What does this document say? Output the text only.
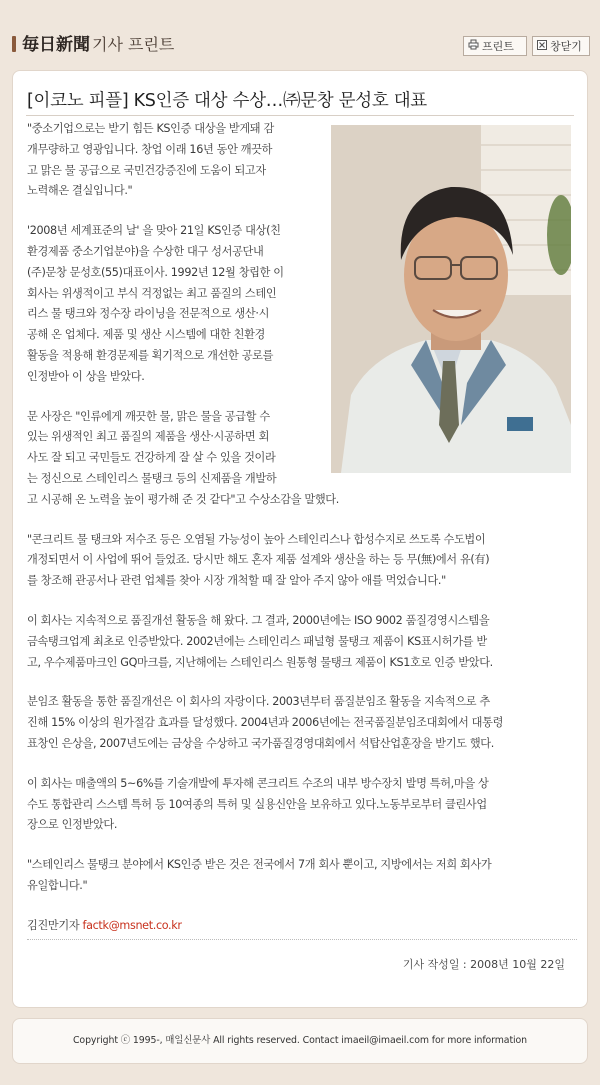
毎日新聞 기사 프린트	프린트	창닫기
[이코노 피플] KS인증 대상 수상…㈜문창 문성호 대표

"중소기업으로는 받기 힘든 KS인증 대상을 받게돼 감
개무량하고 영광입니다. 창업 이래 16년 동안 깨끗하
고 맑은 물 공급으로 국민건강증진에 도움이 되고자
노력해온 결실입니다."

'2008년 세계표준의 날' 을 맞아 21일 KS인증 대상(친
환경제품 중소기업분야)을 수상한 대구 성서공단내
(주)문창 문성호(55)대표이사. 1992년 12월 창립한 이
회사는 위생적이고 부식 걱정없는 최고 품질의 스테인
리스 물 탱크와 정수장 라이닝을 전문적으로 생산·시
공해 온 업체다. 제품 및 생산 시스템에 대한 친환경
활동을 적용해 환경문제를 획기적으로 개선한 공로를
인정받아 이 상을 받았다.

문 사장은 "인류에게 깨끗한 물, 맑은 물을 공급할 수
있는 위생적인 최고 품질의 제품을 생산·시공하면 회
사도 잘 되고 국민들도 건강하게 잘 살 수 있을 것이라
는 정신으로 스테인리스 물탱크 등의 신제품을 개발하
고 시공해 온 노력을 높이 평가해 준 것 같다"고 수상소감을 말했다.

"콘크리트 물 탱크와 저수조 등은 오염될 가능성이 높아 스테인리스나 합성수지로 쓰도록 수도법이
개정되면서 이 사업에 뛰어 들었죠. 당시만 해도 혼자 제품 설계와 생산을 하는 등 무(無)에서 유(有)
를 창조해 관공서나 관련 업체를 찾아 시장 개척할 때 잘 알아 주지 않아 애를 먹었습니다."

이 회사는 지속적으로 품질개선 활동을 해 왔다. 그 결과, 2000년에는 ISO 9002 품질경영시스템을
금속탱크업계 최초로 인증받았다. 2002년에는 스테인리스 패널형 물탱크 제품이 KS표시허가를 받
고, 우수제품마크인 GQ마크를, 지난해에는 스테인리스 원통형 물탱크 제품이 KS1호로 인증 받았다.

분임조 활동을 통한 품질개선은 이 회사의 자랑이다. 2003년부터 품질분임조 활동을 지속적으로 추
진해 15% 이상의 원가절감 효과를 달성했다. 2004년과 2006년에는 전국품질분임조대회에서 대통령
표창인 은상을, 2007년도에는 금상을 수상하고 국가품질경영대회에서 석탑산업훈장을 받기도 했다.

이 회사는 매출액의 5~6%를 기술개발에 투자해 콘크리트 수조의 내부 방수장치 발명 특허,마을 상
수도 통합관리 스스템 특허 등 10여종의 특허 및 실용신안을 보유하고 있다.노동부로부터 클린사업
장으로 인정받았다.

"스테인리스 물탱크 분야에서 KS인증 받은 것은 전국에서 7개 회사 뿐이고, 지방에서는 저희 회사가
유일합니다."

김진만기자 factk@msnet.co.kr

기사 작성일 : 2008년 10월 22일
Copyright ⓒ 1995-, 매일신문사 All rights reserved. Contact imaeil@imaeil.com for more information
